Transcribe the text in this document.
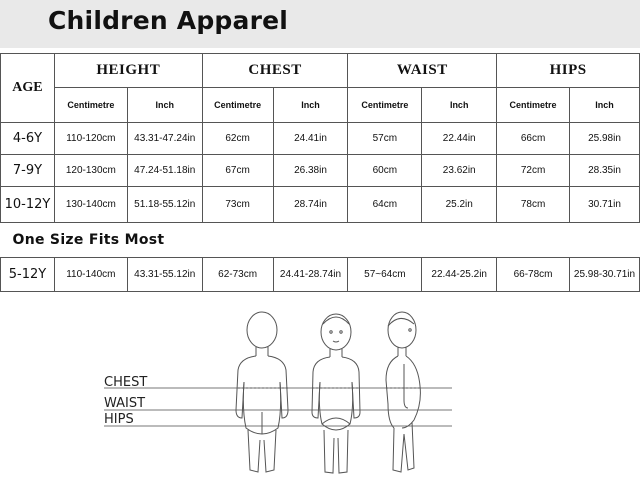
Children Apparel
AGE	HEIGHT		CHEST		WAIST		HIPS	
	Centimetre	Inch	Centimetre	Inch	Centimetre	Inch	Centimetre	Inch
4-6Y	110-120cm	43.31-47.24in	62cm	24.41in	57cm	22.44in	66cm	25.98in
7-9Y	120-130cm	47.24-51.18in	67cm	26.38in	60cm	23.62in	72cm	28.35in
10-12Y	130-140cm	51.18-55.12in	73cm	28.74in	64cm	25.2in	78cm	30.71in
One Size Fits Most								
5-12Y	110-140cm	43.31-55.12in	62-73cm	24.41-28.74in	57~64cm	22.44-25.2in	66-78cm	25.98-30.71in
CHEST
WAIST
HIPS
